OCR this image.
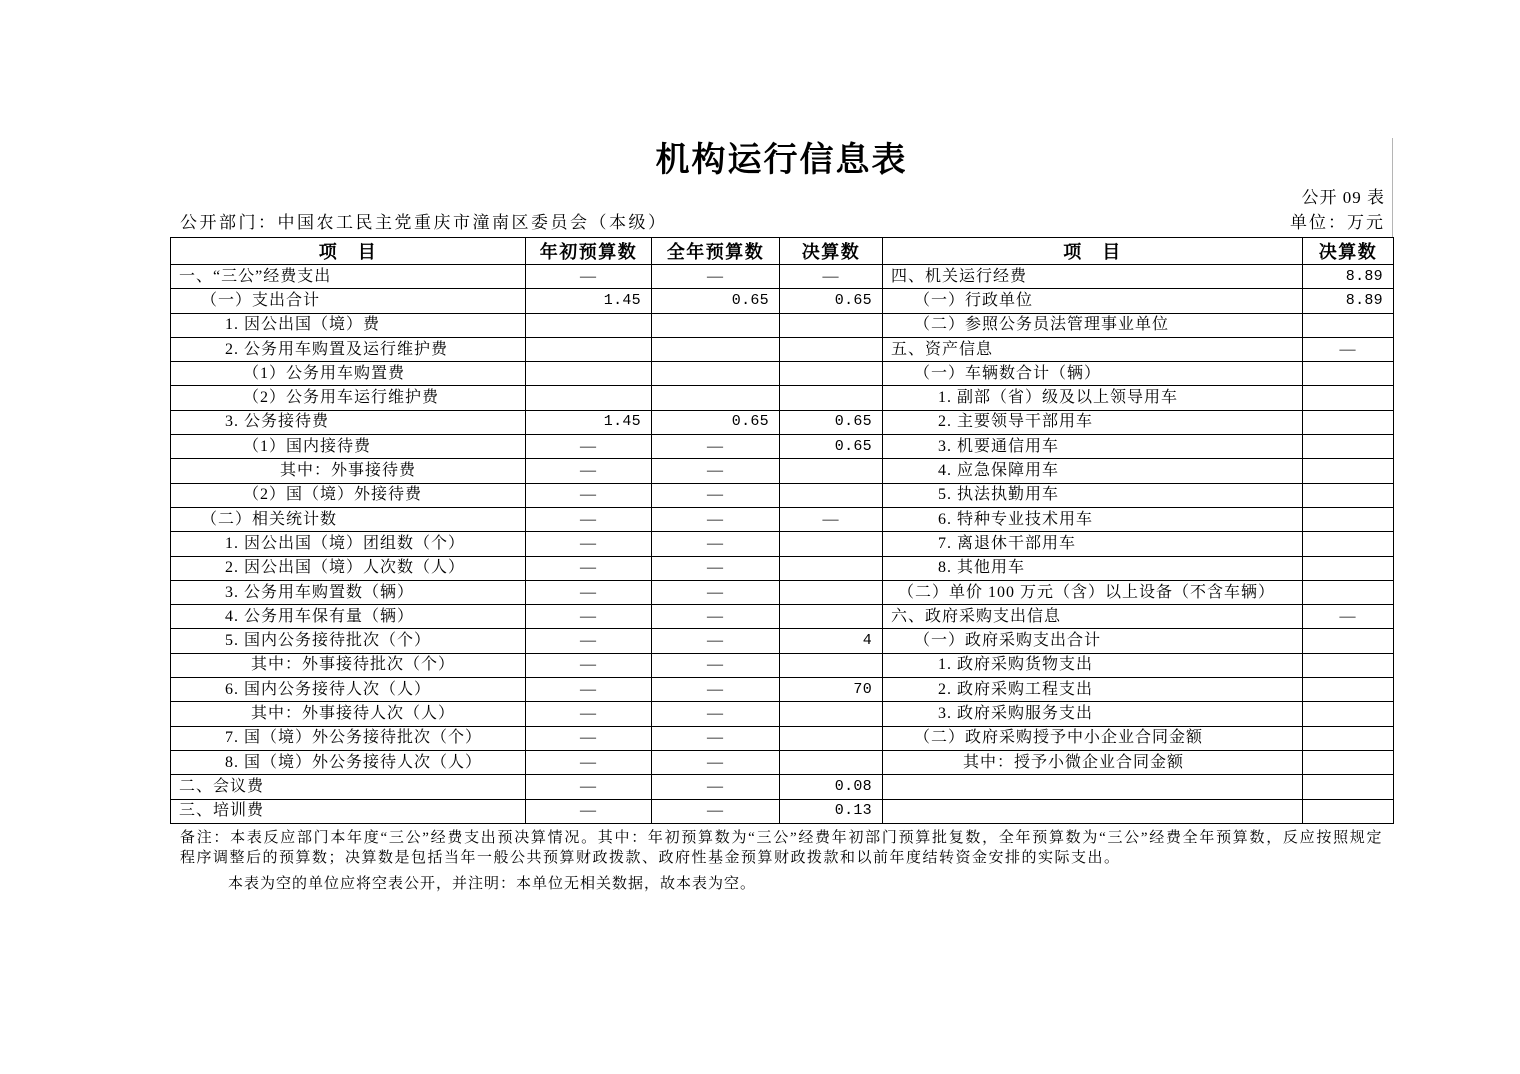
机构运行信息表
公开 09 表
公开部门：中国农工民主党重庆市潼南区委员会（本级）	单位：万元
项　目	年初预算数	全年预算数	决算数	项　目	决算数
一、“三公”经费支出	—	—	—	四、机关运行经费	8.89
（一）支出合计	1.45	0.65	0.65	（一）行政单位	8.89
1. 因公出国（境）费				（二）参照公务员法管理事业单位	
2. 公务用车购置及运行维护费				五、资产信息	—
（1）公务用车购置费				（一）车辆数合计（辆）	
（2）公务用车运行维护费				1. 副部（省）级及以上领导用车	
3. 公务接待费	1.45	0.65	0.65	2. 主要领导干部用车	
（1）国内接待费	—	—	0.65	3. 机要通信用车	
其中：外事接待费	—	—		4. 应急保障用车	
（2）国（境）外接待费	—	—		5. 执法执勤用车	
（二）相关统计数	—	—	—	6. 特种专业技术用车	
1. 因公出国（境）团组数（个）	—	—		7. 离退休干部用车	
2. 因公出国（境）人次数（人）	—	—		8. 其他用车	
3. 公务用车购置数（辆）	—	—		（二）单价 100 万元（含）以上设备（不含车辆）	
4. 公务用车保有量（辆）	—	—		六、政府采购支出信息	—
5. 国内公务接待批次（个）	—	—	4	（一）政府采购支出合计	
其中：外事接待批次（个）	—	—		1. 政府采购货物支出	
6. 国内公务接待人次（人）	—	—	70	2. 政府采购工程支出	
其中：外事接待人次（人）	—	—		3. 政府采购服务支出	
7. 国（境）外公务接待批次（个）	—	—		（二）政府采购授予中小企业合同金额	
8. 国（境）外公务接待人次（人）	—	—		其中：授予小微企业合同金额	
二、会议费	—	—	0.08		
三、培训费	—	—	0.13		
备注：本表反应部门本年度“三公”经费支出预决算情况。其中：年初预算数为“三公”经费年初部门预算批复数，全年预算数为“三公”经费全年预算数，反应按照规定程序调整后的预算数；决算数是包括当年一般公共预算财政拨款、政府性基金预算财政拨款和以前年度结转资金安排的实际支出。
本表为空的单位应将空表公开，并注明：本单位无相关数据，故本表为空。
